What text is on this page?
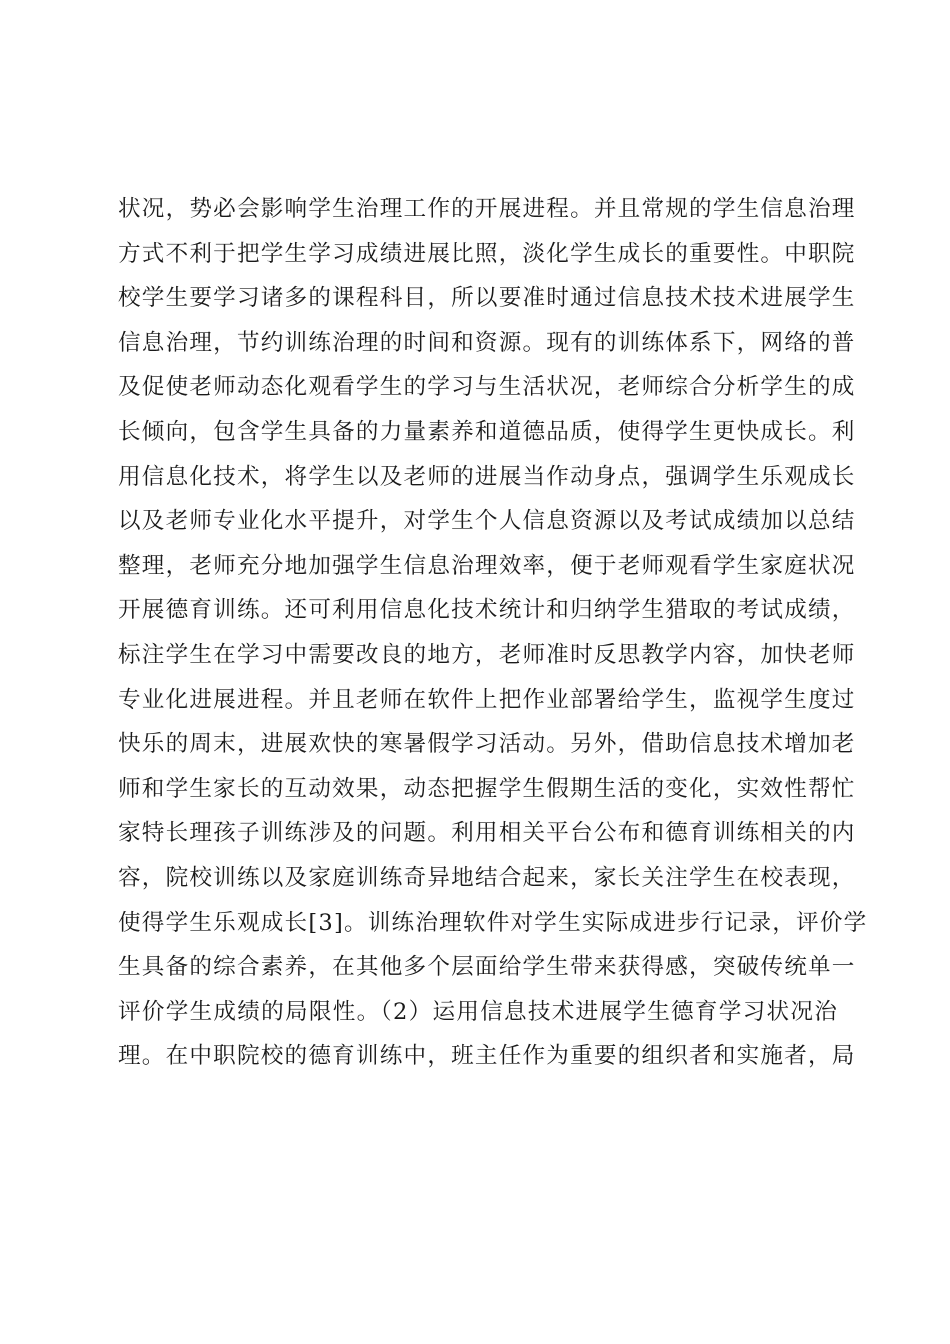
状况，势必会影响学生治理工作的开展进程。并且常规的学生信息治理
方式不利于把学生学习成绩进展比照，淡化学生成长的重要性。中职院
校学生要学习诸多的课程科目，所以要准时通过信息技术技术进展学生
信息治理，节约训练治理的时间和资源。现有的训练体系下，网络的普
及促使老师动态化观看学生的学习与生活状况，老师综合分析学生的成
长倾向，包含学生具备的力量素养和道德品质，使得学生更快成长。利
用信息化技术，将学生以及老师的进展当作动身点，强调学生乐观成长
以及老师专业化水平提升，对学生个人信息资源以及考试成绩加以总结
整理，老师充分地加强学生信息治理效率，便于老师观看学生家庭状况
开展德育训练。还可利用信息化技术统计和归纳学生猎取的考试成绩，
标注学生在学习中需要改良的地方，老师准时反思教学内容，加快老师
专业化进展进程。并且老师在软件上把作业部署给学生，监视学生度过
快乐的周末，进展欢快的寒暑假学习活动。另外，借助信息技术增加老
师和学生家长的互动效果，动态把握学生假期生活的变化，实效性帮忙
家特长理孩子训练涉及的问题。利用相关平台公布和德育训练相关的内
容，院校训练以及家庭训练奇异地结合起来，家长关注学生在校表现，
使得学生乐观成长[3]。训练治理软件对学生实际成进步行记录，评价学
生具备的综合素养，在其他多个层面给学生带来获得感，突破传统单一
评价学生成绩的局限性。（2）运用信息技术进展学生德育学习状况治
理。在中职院校的德育训练中，班主任作为重要的组织者和实施者，局
